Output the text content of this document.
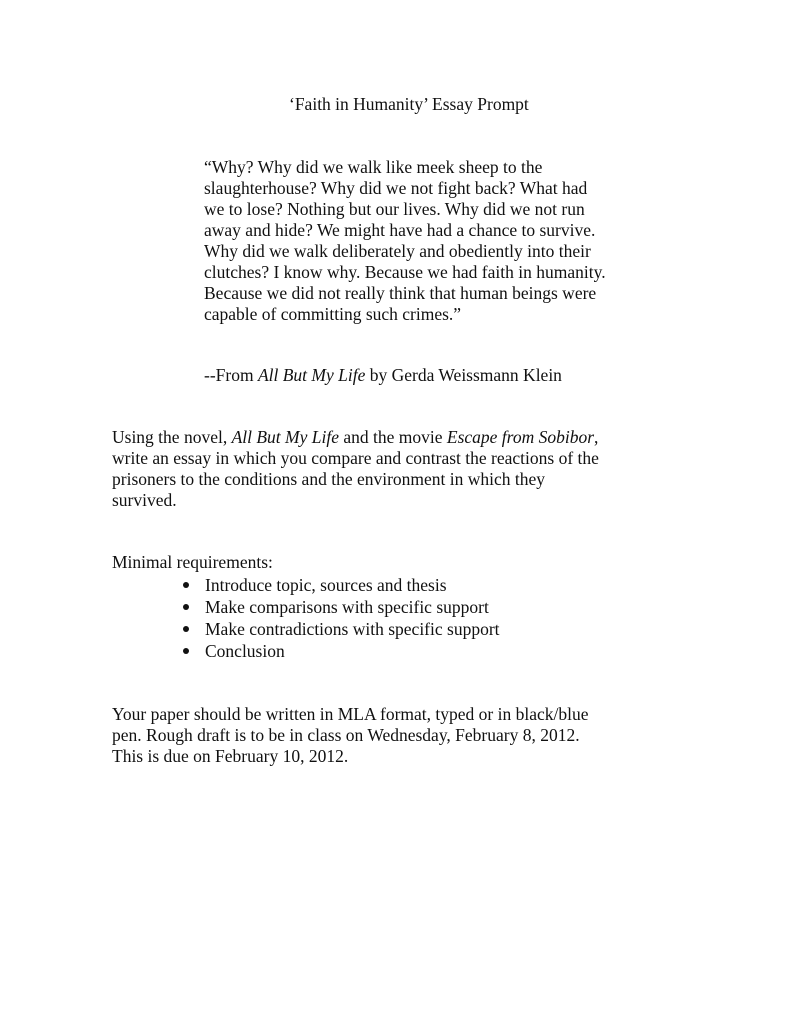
‘Faith in Humanity’ Essay Prompt
“Why? Why did we walk like meek sheep to the
slaughterhouse? Why did we not fight back? What had
we to lose? Nothing but our lives. Why did we not run
away and hide? We might have had a chance to survive.
Why did we walk deliberately and obediently into their
clutches? I know why. Because we had faith in humanity.
Because we did not really think that human beings were
capable of committing such crimes.”
--From All But My Life by Gerda Weissmann Klein
Using the novel, All But My Life and the movie Escape from Sobibor,
write an essay in which you compare and contrast the reactions of the
prisoners to the conditions and the environment in which they
survived.
Minimal requirements:
Introduce topic, sources and thesis
Make comparisons with specific support
Make contradictions with specific support
Conclusion
Your paper should be written in MLA format, typed or in black/blue
pen. Rough draft is to be in class on Wednesday, February 8, 2012.
This is due on February 10, 2012.
